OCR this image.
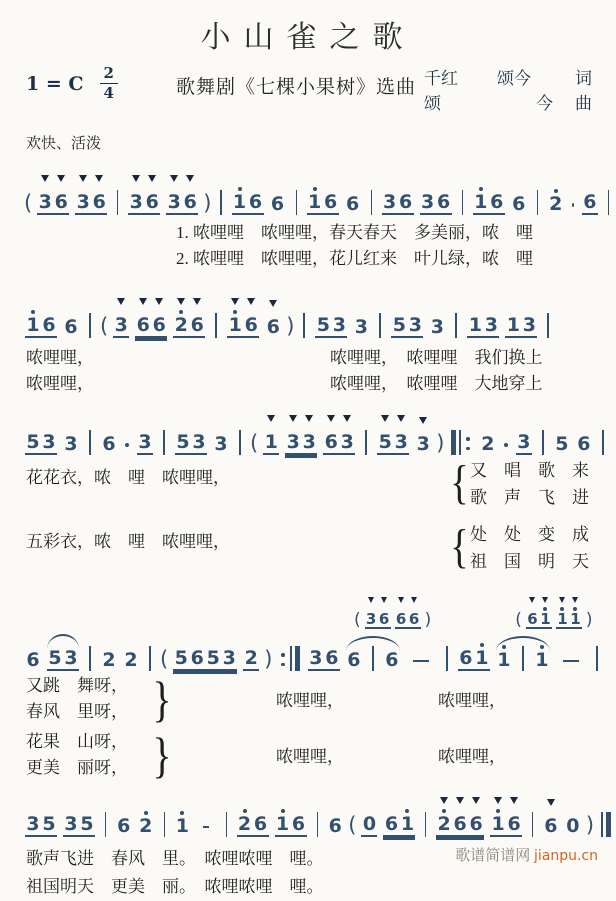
小山雀之歌
1 = C $\frac{2}{4}$	歌舞剧《七棵小果树》选曲 千红	颂今	词
颂	今 曲
欢快、活泼
( 3 6 3 6 3 6 3 6 ) 1 6 6 1 6 6 3 6 3 6 1 6 6 2 6
1. 哝哩哩　哝哩哩，春天春天　多美丽，哝　哩
2. 哝哩哩　哝哩哩，花儿红来　叶儿绿，哝　哩
1 6 6 ( 3 6 6 2 6 1 6 6 ) 5 3 3 5 3 3 1 3 1 3
哝哩哩，	哝哩哩，　哝哩哩　我们换上
哝哩哩，	哝哩哩，　哝哩哩　大地穿上
5 3 3 6 3 5 3 3 ( 1 3 3 6 3 5 3 3 ) 2 3 5 6
花花衣，哝　哩　哝哩哩，	{ 又　唱　歌　来
歌　声　飞　进
五彩衣，哝　哩　哝哩哩，	{ 处　处　变　成
祖　国　明　天
( 3 6 6 6 )	( 6 1 1 1 )
6 5 3 2 2 ( 5 6 5 3 2 ) 3 6 6 6	6 1 1 1
又跳　舞呀，
春风　里呀， }	哝哩哩，	哝哩哩，
花果　山呀，
更美　丽呀， }	哝哩哩，	哝哩哩，
3 5 3 5 6 2 1	2 6 1 6 6 ( 0 6 1 2 6 6 1 6 6 0 )
歌声飞进　春风　里。　哝哩哝哩　哩。
祖国明天　更美　丽。　哝哩哝哩　哩。
歌谱简谱网 jianpu.cn
